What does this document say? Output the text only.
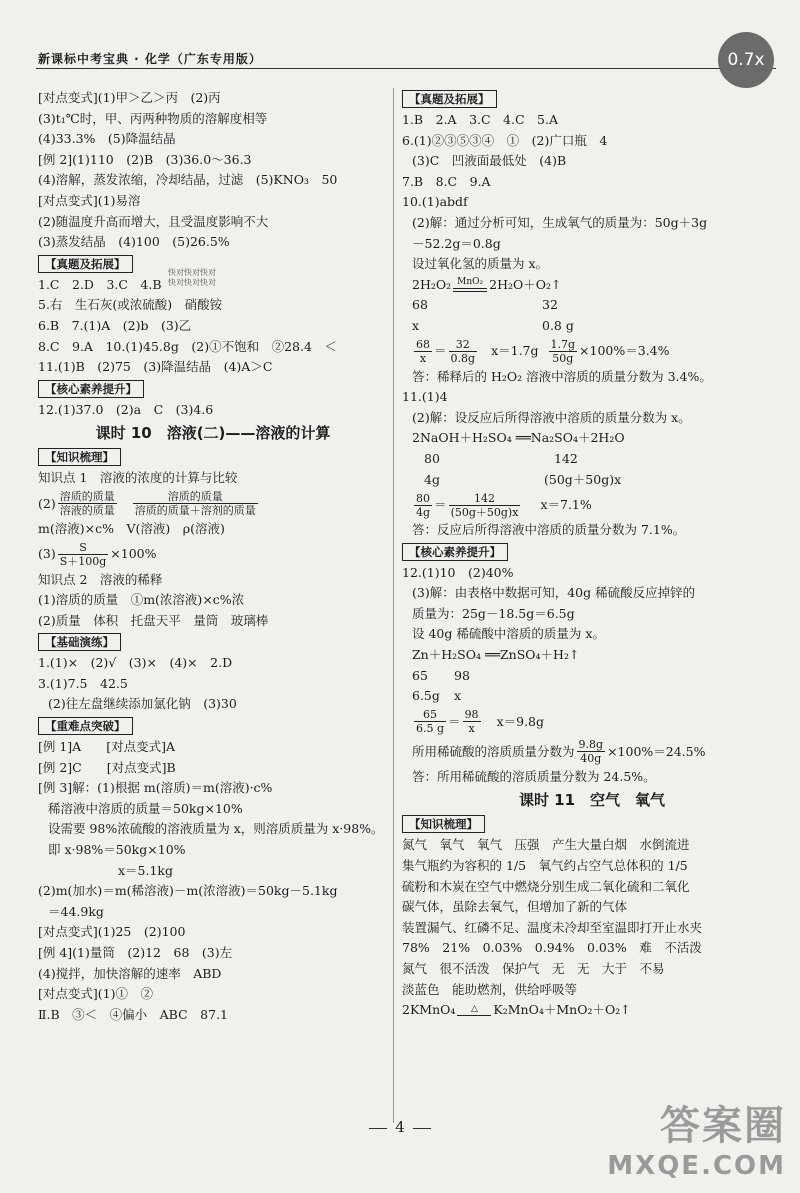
新课标中考宝典 · 化学（广东专用版）	0.7x
[对点变式](1)甲＞乙＞丙　(2)丙
(3)t₁℃时，甲、丙两种物质的溶解度相等
(4)33.3%　(5)降温结晶
[例 2](1)110　(2)B　(3)36.0～36.3
(4)溶解，蒸发浓缩，冷却结晶，过滤　(5)KNO₃　50
[对点变式](1)易溶
(2)随温度升高而增大，且受温度影响不大
(3)蒸发结晶　(4)100　(5)26.5%
【真题及拓展】
1.C　2.D　3.C　4.B
5.右　生石灰(或浓硫酸)　硝酸铵
6.B　7.(1)A　(2)b　(3)乙
8.C　9.A　10.(1)45.8g　(2)①不饱和　②28.4　＜
11.(1)B　(2)75　(3)降温结晶　(4)A＞C
【核心素养提升】
12.(1)37.0　(2)a　C　(3)4.6
课时 10　溶液(二)——溶液的计算
【知识梳理】
知识点 1　溶液的浓度的计算与比较
$(2) \frac{\text{溶质的质量}}{\text{溶液的质量}} \frac{\text{溶质的质量}}{\text{溶质的质量＋溶剂的质量}}$
m(溶液)×c%　V(溶液)　ρ(溶液)
$(3) \frac{S}{S+100g} \times 100\%$
知识点 2　溶液的稀释
(1)溶质的质量　①m(浓溶液)×c%浓
(2)质量　体积　托盘天平　量筒　玻璃棒
【基础演练】
1.(1)×　(2)√　(3)×　(4)×　2.D
3.(1)7.5　42.5
(2)往左盘继续添加氯化钠　(3)30
【重难点突破】
[例 1]A　　[对点变式]A
[例 2]C　　[对点变式]B
[例 3]解：(1)根据 m(溶质)＝m(溶液)·c%
稀溶液中溶质的质量＝50kg×10%
设需要 98%浓硫酸的溶液质量为 x，则溶质质量为 x·98%。
即 x·98%＝50kg×10%
x＝5.1kg
(2)m(加水)＝m(稀溶液)－m(浓溶液)＝50kg－5.1kg
＝44.9kg
[对点变式](1)25　(2)100
[例 4](1)量筒　(2)12　68　(3)左
(4)搅拌，加快溶解的速率　ABD
[对点变式](1)①　②
Ⅱ.B　③＜　④偏小　ABC　87.1
快对快对快对
快对快对快对
【真题及拓展】
1.B　2.A　3.C　4.C　5.A
6.(1)②③⑤③④　①　(2)广口瓶　4
(3)C　凹液面最低处　(4)B
7.B　8.C　9.A
10.(1)abdf
(2)解：通过分析可知，生成氧气的质量为：50g＋3g
－52.2g＝0.8g
设过氧化氢的质量为 x。
2H₂O₂ MnO₂ 2H₂O＋O₂↑
68	32
x	0.8 g
$\frac{68}{x} = \frac{32}{0.8g} x=1.7g \frac{1.7g}{50g} \times 100\%=3.4\%$
答：稀释后的 H₂O₂ 溶液中溶质的质量分数为 3.4%。
11.(1)4
(2)解：设反应后所得溶液中溶质的质量分数为 x。
2NaOH＋H₂SO₄ ══Na₂SO₄＋2H₂O
80	142
4g	(50g＋50g)x
$\frac{80}{4g} = \frac{142}{(50g+50g)x} x=7.1\%$
答：反应后所得溶液中溶质的质量分数为 7.1%。
【核心素养提升】
12.(1)10　(2)40%
(3)解：由表格中数据可知，40g 稀硫酸反应掉锌的
质量为：25g－18.5g＝6.5g
设 40g 稀硫酸中溶质的质量为 x。
Zn＋H₂SO₄ ══ZnSO₄＋H₂↑
65 98
6.5g x
$\frac{65}{6.5 g} = \frac{98}{x} x=9.8g$
所用稀硫酸的溶质质量分数为 $\frac{9.8g}{40g} \times 100\%=24.5\%$
答：所用稀硫酸的溶质质量分数为 24.5%。
课时 11　空气　氧气
【知识梳理】
氮气　氧气　氧气　压强　产生大量白烟　水倒流进
集气瓶约为容积的 1/5　氧气约占空气总体积的 1/5
硫粉和木炭在空气中燃烧分别生成二氧化硫和二氧化
碳气体，虽除去氧气，但增加了新的气体
装置漏气、红磷不足、温度未冷却至室温即打开止水夹
78%　21%　0.03%　0.94%　0.03%　难　不活泼
氮气　很不活泼　保护气　无　无　大于　不易
淡蓝色　能助燃剂，供给呼吸等
2KMnO₄ △ K₂MnO₄＋MnO₂＋O₂↑
4	答案圈
MXQE.COM
